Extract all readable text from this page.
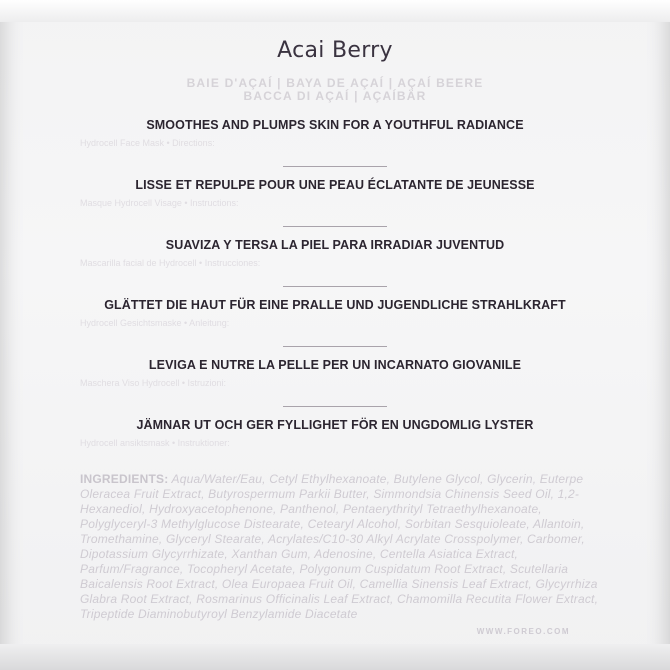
Acai Berry
BAIE D'AÇAÍ | BAYA DE AÇAÍ | AÇAÍ BEERE
BACCA DI AÇAÍ | AÇAÍBÄR
SMOOTHES AND PLUMPS SKIN FOR A YOUTHFUL RADIANCE
Hydrocell Face Mask • Directions:
LISSE ET REPULPE POUR UNE PEAU ÉCLATANTE DE JEUNESSE
Masque Hydrocell Visage • Instructions:
SUAVIZA Y TERSA LA PIEL PARA IRRADIAR JUVENTUD
Mascarilla facial de Hydrocell • Instrucciones:
GLÄTTET DIE HAUT FÜR EINE PRALLE UND JUGENDLICHE STRAHLKRAFT
Hydrocell Gesichtsmaske • Anleitung:
LEVIGA E NUTRE LA PELLE PER UN INCARNATO GIOVANILE
Maschera Viso Hydrocell • Istruzioni:
JÄMNAR UT OCH GER FYLLIGHET FÖR EN UNGDOMLIG LYSTER
Hydrocell ansiktsmask • Instruktioner:
INGREDIENTS: Aqua/Water/Eau, Cetyl Ethylhexanoate, Butylene Glycol, Glycerin, Euterpe Oleracea Fruit Extract, Butyrospermum Parkii Butter, Simmondsia Chinensis Seed Oil, 1,2-Hexanediol, Hydroxyacetophenone, Panthenol, Pentaerythrityl Tetraethylhexanoate, Polyglyceryl-3 Methylglucose Distearate, Cetearyl Alcohol, Sorbitan Sesquioleate, Allantoin, Tromethamine, Glyceryl Stearate, Acrylates/C10-30 Alkyl Acrylate Crosspolymer, Carbomer, Dipotassium Glycyrrhizate, Xanthan Gum, Adenosine, Centella Asiatica Extract, Parfum/Fragrance, Tocopheryl Acetate, Polygonum Cuspidatum Root Extract, Scutellaria Baicalensis Root Extract, Olea Europaea Fruit Oil, Camellia Sinensis Leaf Extract, Glycyrrhiza Glabra Root Extract, Rosmarinus Officinalis Leaf Extract, Chamomilla Recutita Flower Extract, Tripeptide Diaminobutyroyl Benzylamide Diacetate
WWW.FOREO.COM
